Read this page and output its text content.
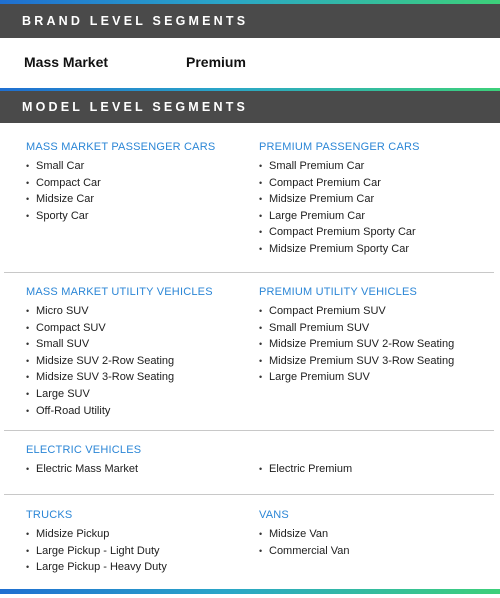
BRAND LEVEL SEGMENTS
Mass Market	Premium
MODEL LEVEL SEGMENTS
MASS MARKET PASSENGER CARS
• Small Car
• Compact Car
• Midsize Car
• Sporty Car
PREMIUM PASSENGER CARS
• Small Premium Car
• Compact Premium Car
• Midsize Premium Car
• Large Premium Car
• Compact Premium Sporty Car
• Midsize Premium Sporty Car
MASS MARKET UTILITY VEHICLES
• Micro SUV
• Compact SUV
• Small SUV
• Midsize SUV 2-Row Seating
• Midsize SUV 3-Row Seating
• Large SUV
• Off-Road Utility
PREMIUM UTILITY VEHICLES
• Compact Premium SUV
• Small Premium SUV
• Midsize Premium SUV 2-Row Seating
• Midsize Premium SUV 3-Row Seating
• Large Premium SUV
ELECTRIC VEHICLES
• Electric Mass Market
•	Electric Premium
TRUCKS
• Midsize Pickup
• Large Pickup - Light Duty
• Large Pickup - Heavy Duty
VANS
• Midsize Van
• Commercial Van
